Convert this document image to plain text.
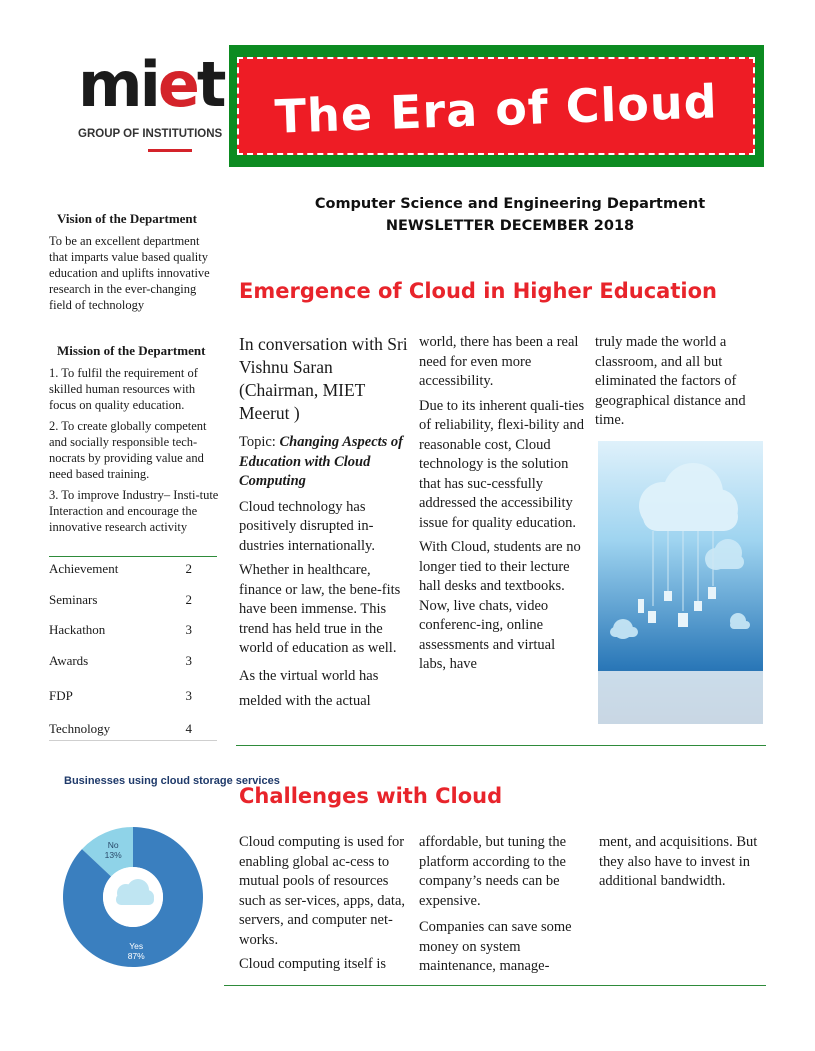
miet
GROUP OF INSTITUTIONS	The Era of Cloud
Computer Science and Engineering Department
NEWSLETTER DECEMBER 2018
Vision of the Department

To be an excellent department that imparts value based quality education and uplifts innovative research in the ever-changing field of technology

Mission of the Department

1. To fulfil the requirement of skilled human resources with focus on quality education.

2. To create globally competent and socially responsible tech-nocrats by providing value and need based training.

3. To improve Industry– Insti-tute Interaction and encourage the innovative research activity

Achievement	2
Seminars	2
Hackathon	3
Awards	3
FDP	3
Technology	4
Emergence of Cloud in Higher Education

In conversation with Sri Vishnu Saran (Chairman, MIET Meerut )

Topic: Changing Aspects of Education with Cloud Computing

Cloud technology has positively disrupted in-dustries internationally.

Whether in healthcare, finance or law, the bene-fits have been immense. This trend has held true in the world of education as well.

As the virtual world has melded with the actual

world, there has been a real need for even more accessibility.

Due to its inherent quali-ties of reliability, flexi-bility and reasonable cost, Cloud technology is the solution that has suc-cessfully addressed the accessibility issue for quality education.

With Cloud, students are no longer tied to their lecture hall desks and textbooks. Now, live chats, video conferenc-ing, online assessments and virtual labs, have

truly made the world a classroom, and all but eliminated the factors of geographical distance and time.

Challenges with Cloud

Cloud computing is used for enabling global ac-cess to mutual pools of resources such as ser-vices, apps, data, servers, and computer net-works.

Cloud computing itself is

affordable, but tuning the platform according to the company’s needs can be expensive.

Companies can save some money on system maintenance, manage-

ment, and acquisitions. But they also have to invest in additional bandwidth.

Businesses using cloud storage services
No
13%
Yes
87%
